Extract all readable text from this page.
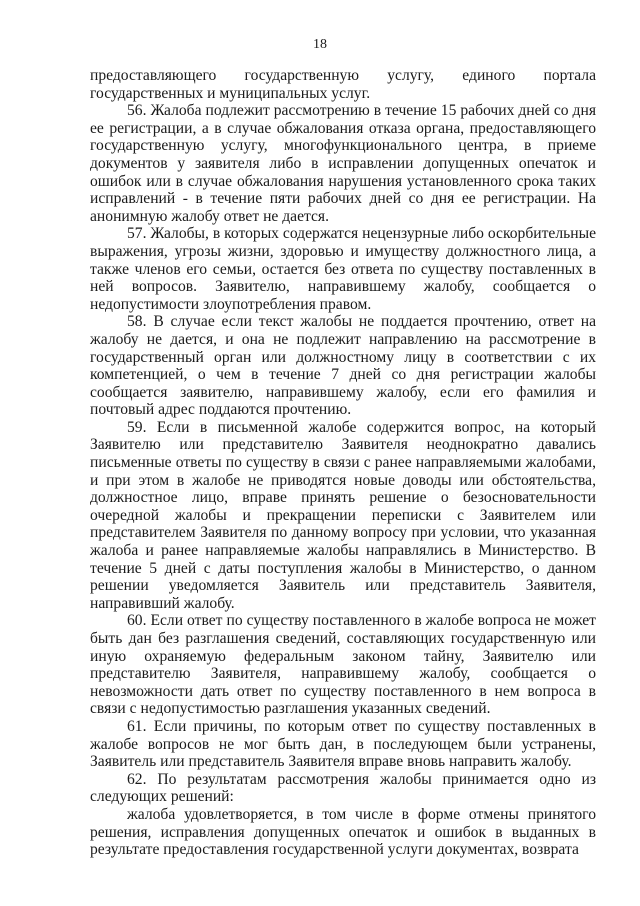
18

предоставляющего государственную услугу, единого портала государственных и муниципальных услуг.

56. Жалоба подлежит рассмотрению в течение 15 рабочих дней со дня ее регистрации, а в случае обжалования отказа органа, предоставляющего государственную услугу, многофункционального центра, в приеме документов у заявителя либо в исправлении допущенных опечаток и ошибок или в случае обжалования нарушения установленного срока таких исправлений - в течение пяти рабочих дней со дня ее регистрации. На анонимную жалобу ответ не дается.

57. Жалобы, в которых содержатся нецензурные либо оскорбительные выражения, угрозы жизни, здоровью и имуществу должностного лица, а также членов его семьи, остается без ответа по существу поставленных в ней вопросов. Заявителю, направившему жалобу, сообщается о недопустимости злоупотребления правом.

58. В случае если текст жалобы не поддается прочтению, ответ на жалобу не дается, и она не подлежит направлению на рассмотрение в государственный орган или должностному лицу в соответствии с их компетенцией, о чем в течение 7 дней со дня регистрации жалобы сообщается заявителю, направившему жалобу, если его фамилия и почтовый адрес поддаются прочтению.

59. Если в письменной жалобе содержится вопрос, на который Заявителю или представителю Заявителя неоднократно давались письменные ответы по существу в связи с ранее направляемыми жалобами, и при этом в жалобе не приводятся новые доводы или обстоятельства, должностное лицо, вправе принять решение о безосновательности очередной жалобы и прекращении переписки с Заявителем или представителем Заявителя по данному вопросу при условии, что указанная жалоба и ранее направляемые жалобы направлялись в Министерство. В течение 5 дней с даты поступления жалобы в Министерство, о данном решении уведомляется Заявитель или представитель Заявителя, направивший жалобу.

60. Если ответ по существу поставленного в жалобе вопроса не может быть дан без разглашения сведений, составляющих государственную или иную охраняемую федеральным законом тайну, Заявителю или представителю Заявителя, направившему жалобу, сообщается о невозможности дать ответ по существу поставленного в нем вопроса в связи с недопустимостью разглашения указанных сведений.

61. Если причины, по которым ответ по существу поставленных в жалобе вопросов не мог быть дан, в последующем были устранены, Заявитель или представитель Заявителя вправе вновь направить жалобу.

62. По результатам рассмотрения жалобы принимается одно из следующих решений:

жалоба удовлетворяется, в том числе в форме отмены принятого решения, исправления допущенных опечаток и ошибок в выданных в результате предоставления государственной услуги документах, возврата
